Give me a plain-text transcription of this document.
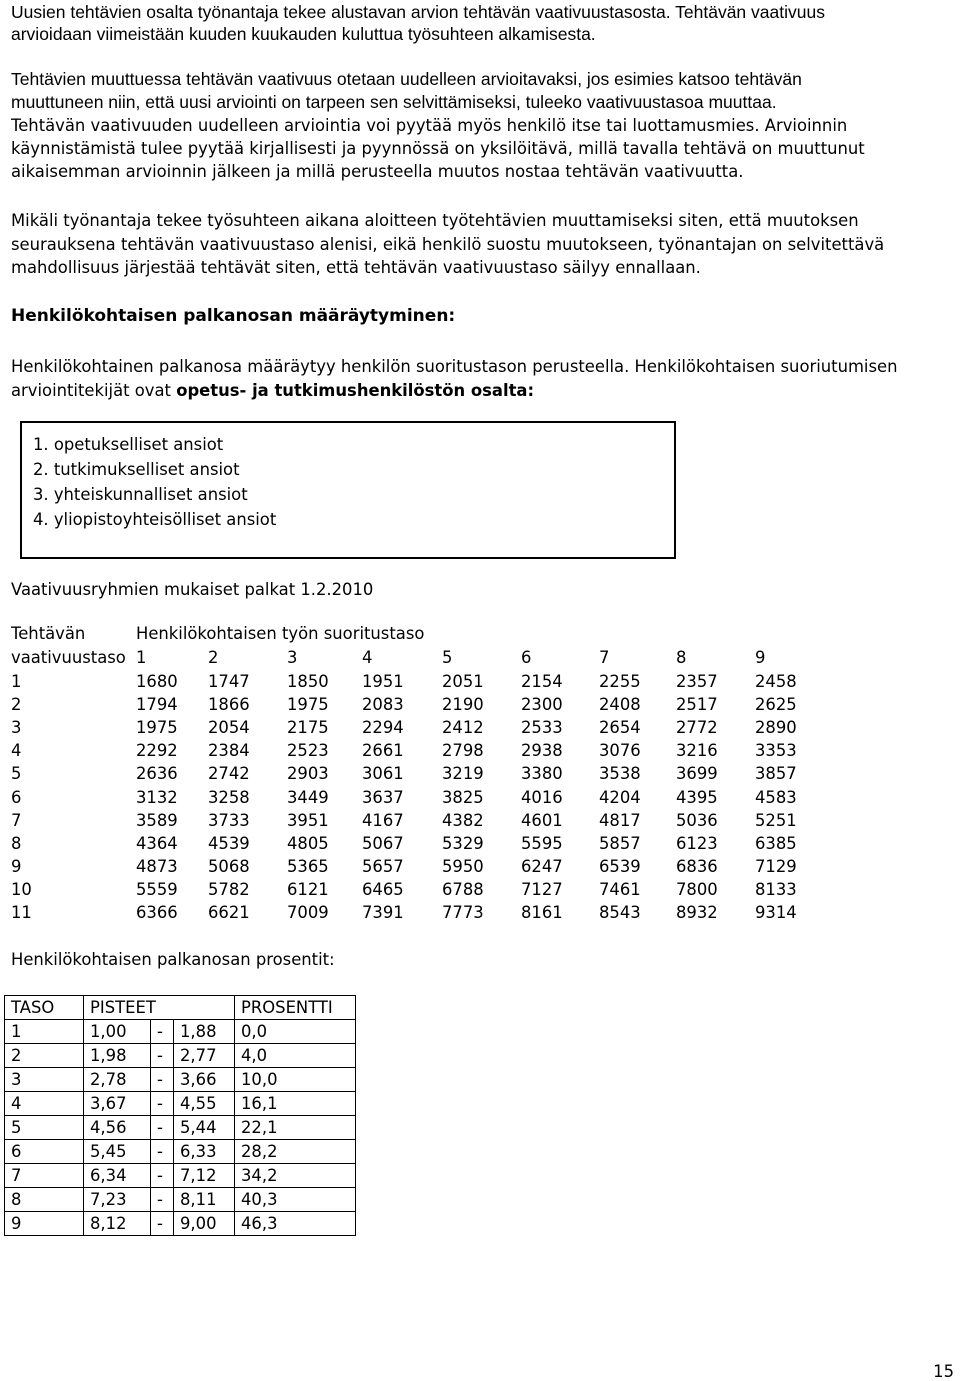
Uusien tehtävien osalta työnantaja tekee alustavan arvion tehtävän vaativuustasosta. Tehtävän vaativuus
arvioidaan viimeistään kuuden kuukauden kuluttua työsuhteen alkamisesta.
Tehtävien muuttuessa tehtävän vaativuus otetaan uudelleen arvioitavaksi, jos esimies katsoo tehtävän
muuttuneen niin, että uusi arviointi on tarpeen sen selvittämiseksi, tuleeko vaativuustasoa muuttaa.
Tehtävän vaativuuden uudelleen arviointia voi pyytää myös henkilö itse tai luottamusmies. Arvioinnin
käynnistämistä tulee pyytää kirjallisesti ja pyynnössä on yksilöitävä, millä tavalla tehtävä on muuttunut
aikaisemman arvioinnin jälkeen ja millä perusteella muutos nostaa tehtävän vaativuutta.
Mikäli työnantaja tekee työsuhteen aikana aloitteen työtehtävien muuttamiseksi siten, että muutoksen
seurauksena tehtävän vaativuustaso alenisi, eikä henkilö suostu muutokseen, työnantajan on selvitettävä
mahdollisuus järjestää tehtävät siten, että tehtävän vaativuustaso säilyy ennallaan.
Henkilökohtaisen palkanosan määräytyminen:
Henkilökohtainen palkanosa määräytyy henkilön suoritustason perusteella. Henkilökohtaisen suoriutumisen
arviointitekijät ovat opetus- ja tutkimushenkilöstön osalta:
1. opetukselliset ansiot
2. tutkimukselliset ansiot
3. yhteiskunnalliset ansiot
4. yliopistoyhteisölliset ansiot
Vaativuusryhmien mukaiset palkat 1.2.2010
Tehtävän
vaativuustaso
Henkilökohtaisen työn suoritustaso
1	2	3	4	5	6	7	8	9
1	1680 1747 1850 1951 2051 2154 2255 2357 2458
2	1794 1866 1975 2083 2190 2300 2408 2517 2625
3	1975 2054 2175 2294 2412 2533 2654 2772 2890
4	2292 2384 2523 2661 2798 2938 3076 3216 3353
5	2636 2742 2903 3061 3219 3380 3538 3699 3857
6	3132 3258 3449 3637 3825 4016 4204 4395 4583
7	3589 3733 3951 4167 4382 4601 4817 5036 5251
8	4364 4539 4805 5067 5329 5595 5857 6123 6385
9	4873 5068 5365 5657 5950 6247 6539 6836 7129
10	5559 5782 6121 6465 6788 7127 7461 7800 8133
11	6366 6621 7009 7391 7773 8161 8543 8932 9314
Henkilökohtaisen palkanosan prosentit:
TASO	PISTEET			PROSENTTI
1	1,00	-	1,88	0,0
2	1,98	-	2,77	4,0
3	2,78	-	3,66	10,0
4	3,67	-	4,55	16,1
5	4,56	-	5,44	22,1
6	5,45	-	6,33	28,2
7	6,34	-	7,12	34,2
8	7,23	-	8,11	40,3
9	8,12	-	9,00	46,3
15
